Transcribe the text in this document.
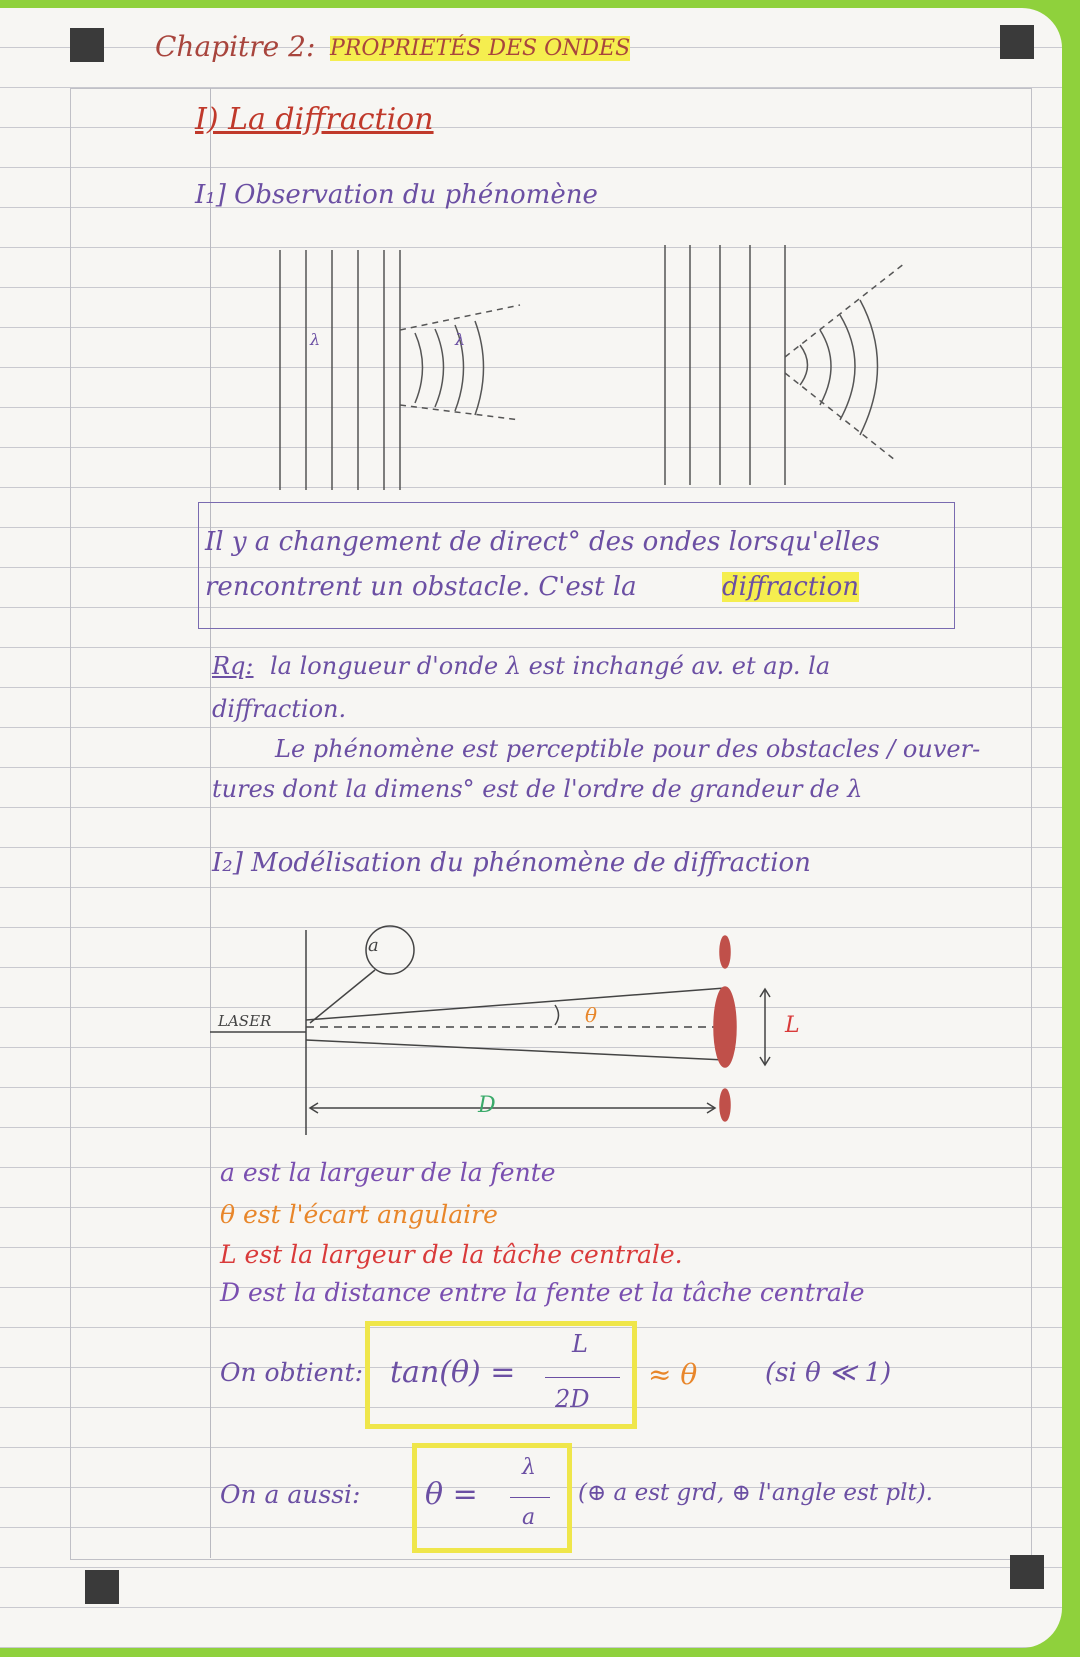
Chapitre 2: PROPRIETÉS DES ONDES
I) La diffraction
I₁] Observation du phénomène
λ	λ
Il y a changement de direct° des ondes lorsqu'elles
rencontrent un obstacle. C'est la	diffraction
Rq: la longueur d'onde λ est inchangé av. et ap. la
diffraction.
Le phénomène est perceptible pour des obstacles / ouver-
tures dont la dimens° est de l'ordre de grandeur de λ
I₂] Modélisation du phénomène de diffraction
LASER
a
θ	L
D
a est la largeur de la fente
θ est l'écart angulaire
L est la largeur de la tâche centrale.
D est la distance entre la fente et la tâche centrale
On obtient: tan(θ) =
L
2D
≈ θ	(si θ ≪ 1)
On a aussi: θ =
λ
a
(⊕ a est grd, ⊕ l'angle est plt).
